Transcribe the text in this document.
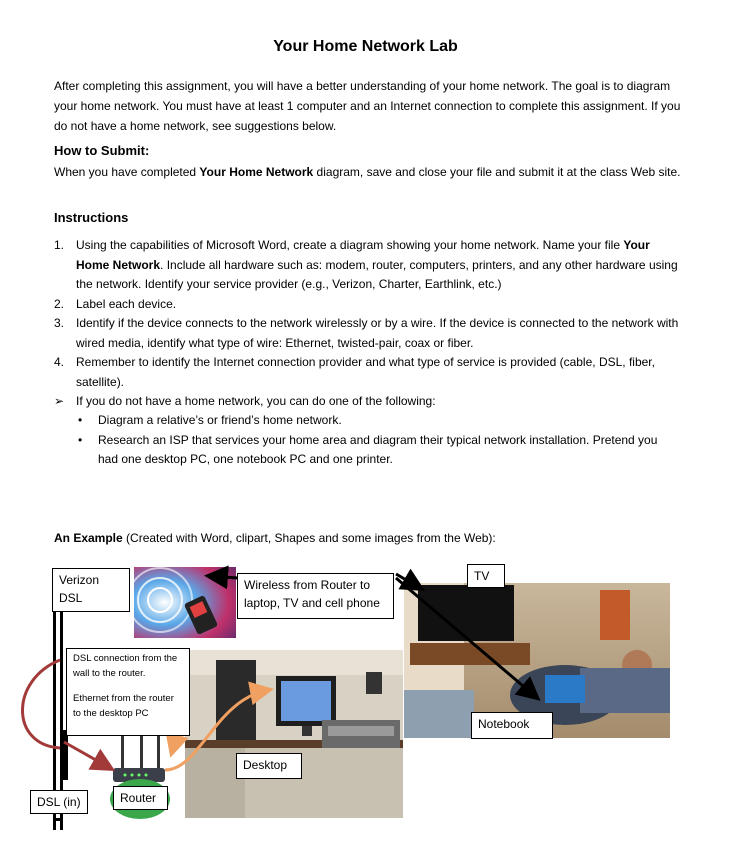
Your Home Network Lab

After completing this assignment, you will have a better understanding of your home network. The goal is to diagram your home network. You must have at least 1 computer and an Internet connection to complete this assignment. If you do not have a home network, see suggestions below.

How to Submit:

When you have completed Your Home Network diagram, save and close your file and submit it at the class Web site.

Instructions

1. Using the capabilities of Microsoft Word, create a diagram showing your home network. Name your file Your Home Network. Include all hardware such as: modem, router, computers, printers, and any other hardware using the network. Identify your service provider (e.g., Verizon, Charter, Earthlink, etc.)
2. Label each device.
3. Identify if the device connects to the network wirelessly or by a wire. If the device is connected to the network with wired media, identify what type of wire: Ethernet, twisted-pair, coax or fiber.
4. Remember to identify the Internet connection provider and what type of service is provided (cable, DSL, fiber, satellite).
➢ If you do not have a home network, you can do one of the following:
• Diagram a relative’s or friend’s home network.
• Research an ISP that services your home area and diagram their typical network installation. Pretend you had one desktop PC, one notebook PC and one printer.

An Example (Created with Word, clipart, Shapes and some images from the Web):

Verizon
DSL
Wireless from Router to laptop, TV and cell phone
TV
DSL connection from the wall to the router.
Ethernet from the router to the desktop PC
Desktop
Notebook
Router
DSL (in)
